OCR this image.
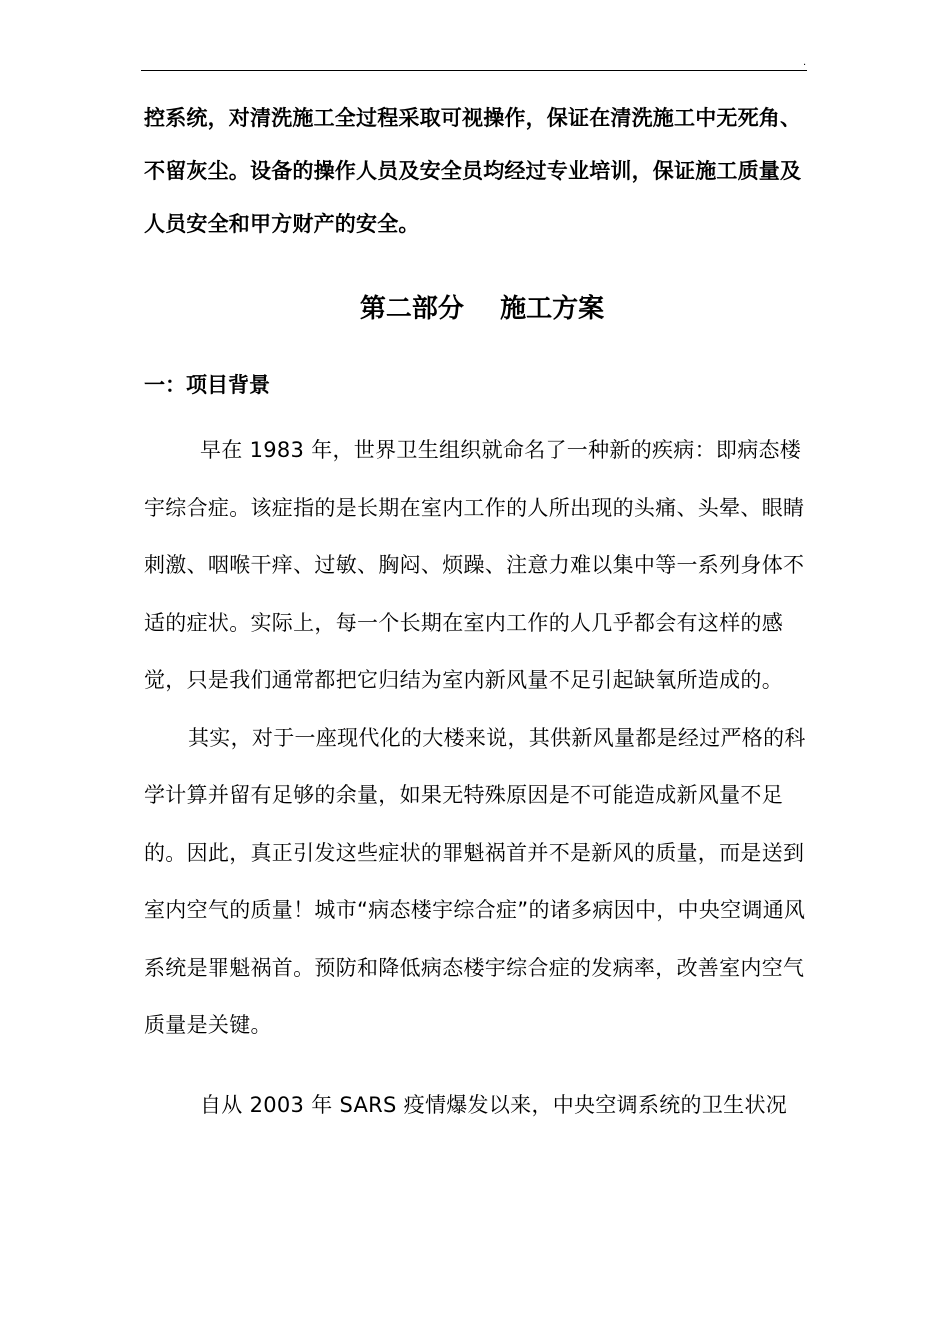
.

控系统，对清洗施工全过程采取可视操作，保证在清洗施工中无死角、不留灰尘。设备的操作人员及安全员均经过专业培训，保证施工质量及人员安全和甲方财产的安全。

第二部分    施工方案
一：项目背景

早在 1983 年，世界卫生组织就命名了一种新的疾病：即病态楼宇综合症。该症指的是长期在室内工作的人所出现的头痛、头晕、眼睛刺激、咽喉干痒、过敏、胸闷、烦躁、注意力难以集中等一系列身体不适的症状。实际上，每一个长期在室内工作的人几乎都会有这样的感觉，只是我们通常都把它归结为室内新风量不足引起缺氧所造成的。

其实，对于一座现代化的大楼来说，其供新风量都是经过严格的科学计算并留有足够的余量，如果无特殊原因是不可能造成新风量不足的。因此，真正引发这些症状的罪魁祸首并不是新风的质量，而是送到室内空气的质量！城市“病态楼宇综合症”的诸多病因中，中央空调通风系统是罪魁祸首。预防和降低病态楼宇综合症的发病率，改善室内空气质量是关键。

自从 2003 年 SARS 疫情爆发以来，中央空调系统的卫生状况
